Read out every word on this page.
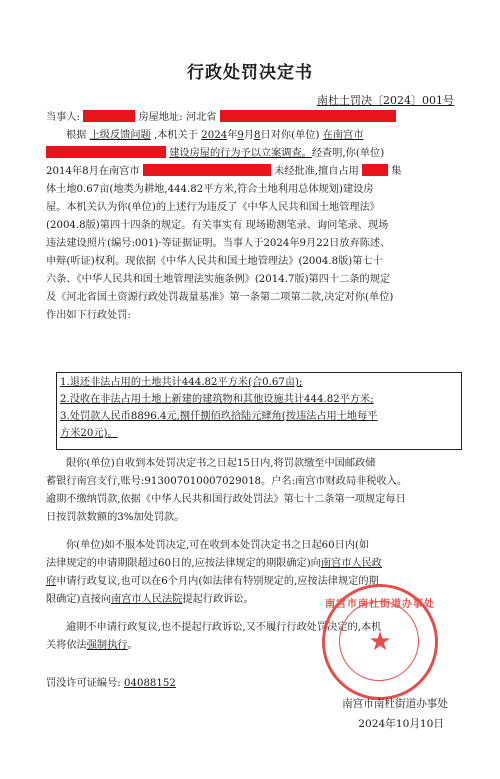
行政处罚决定书
南杜土罚决〔2024〕001号
当事人:	房屋地址: 河北省
根据 上级反馈问题 ,本机关于 2024年9月8日对你(单位) 在南宫市
建设房屋的行为予以立案调查。经查明,你(单位)
2014年8月在南宫市	未经批准,擅自占用	集
体土地0.67亩(地类为耕地,444.82平方米,符合土地利用总体规划)建设房
屋。本机关认为你(单位)的上述行为违反了《中华人民共和国土地管理法》
(2004.8版)第四十四条的规定。有关事实有 现场勘测笔录、询问笔录、现场
违法建设照片(编号:001)·等证据证明。当事人于2024年9月22日放弃陈述、
申辩(听证)权利。现依据《中华人民共和国土地管理法》(2004.8版)第七十
六条、《中华人民共和国土地管理法实施条例》(2014.7版)第四十二条的规定
及《河北省国土资源行政处罚裁量基准》第一条第二项第二款,决定对你(单位)
作出如下行政处罚:
1.退还非法占用的土地共计444.82平方米(合0.67亩);
2.没收在非法占用土地上新建的建筑物和其他设施共计444.82平方米;
3.处罚款人民币8896.4元,捌仟捌佰玖拾陆元肆角(按违法占用土地每平
方米20元)。
限你(单位)自收到本处罚决定书之日起15日内,将罚款缴至中国邮政储
蓄银行南宫支行,账号:913007010007029018。户名:南宫市财政局非税收入。
逾期不缴纳罚款,依据《中华人民共和国行政处罚法》第七十二条第一项规定每日
日按罚款数额的3%加处罚款。
你(单位)如不服本处罚决定,可在收到本处罚决定书之日起60日内(如
法律规定的申请期限超过60日的,应按法律规定的期限确定)向南宫市人民政
府申请行政复议,也可以在6个月内(如法律有特别规定的,应按法律规定的期
限确定)直接向南宫市人民法院提起行政诉讼。
逾期不申请行政复议,也不提起行政诉讼,又不履行行政处罚决定的,本机
关将依法强制执行。
罚没许可证编号: 04088152
南宫市南杜街道办事处
★
南宫市南杜街道办事处
2024年10月10日
